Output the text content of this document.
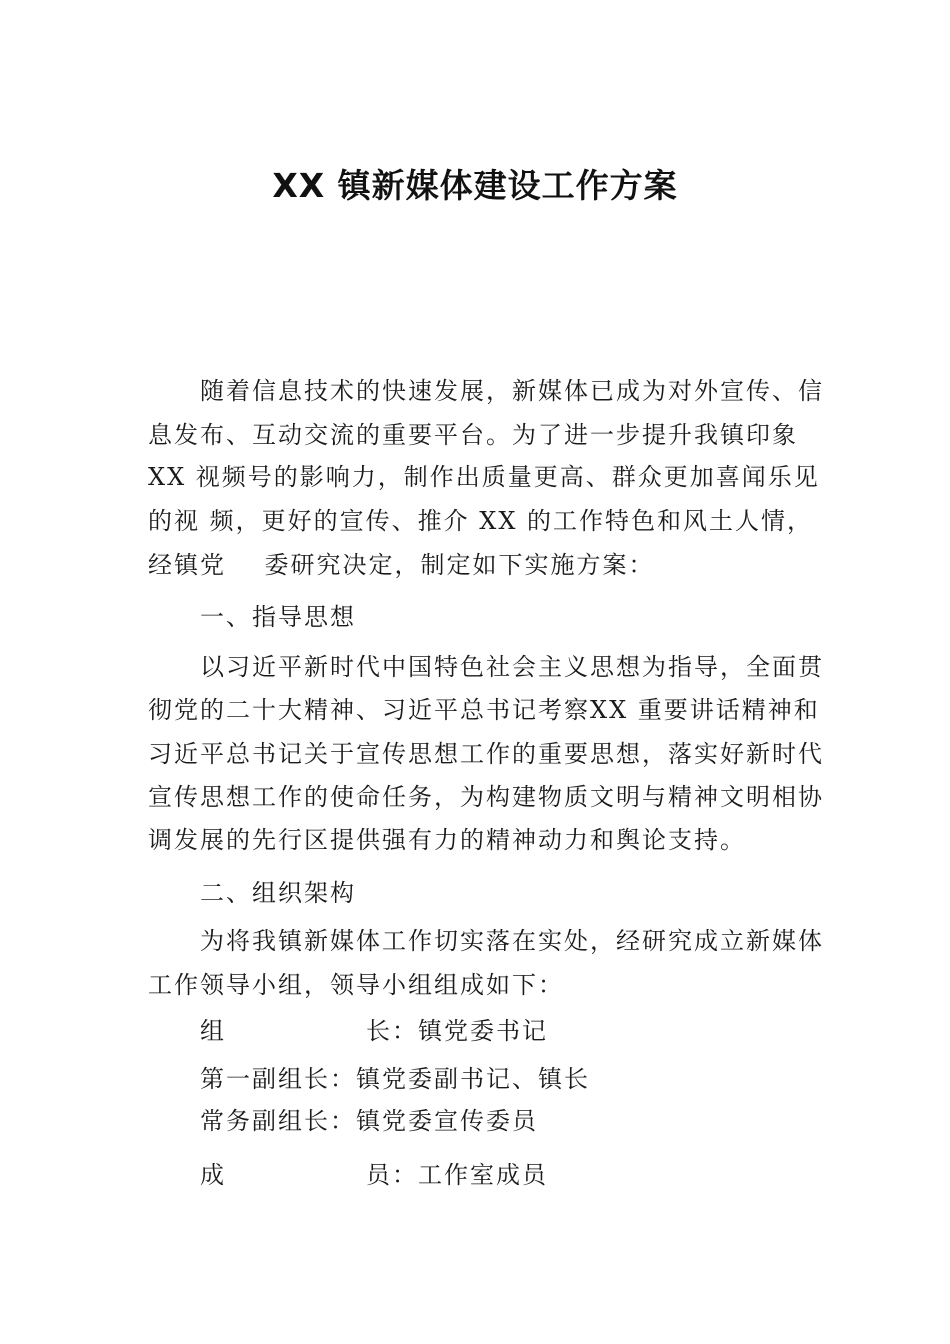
XX 镇新媒体建设工作方案
随着信息技术的快速发展，新媒体已成为对外宣传、信
息发布、互动交流的重要平台。为了进一步提升我镇印象
XX 视频号的影响力，制作出质量更高、群众更加喜闻乐见
的视 频，更好的宣传、推介 XX 的工作特色和风土人情，
经镇党    委研究决定，制定如下实施方案：
一、指导思想
以习近平新时代中国特色社会主义思想为指导，全面贯
彻党的二十大精神、习近平总书记考察XX 重要讲话精神和
习近平总书记关于宣传思想工作的重要思想，落实好新时代
宣传思想工作的使命任务，为构建物质文明与精神文明相协
调发展的先行区提供强有力的精神动力和舆论支持。
二、组织架构
为将我镇新媒体工作切实落在实处，经研究成立新媒体
工作领导小组，领导小组组成如下：
组	长：镇党委书记
第一副组长：镇党委副书记、镇长
常务副组长：镇党委宣传委员
成	员：工作室成员
